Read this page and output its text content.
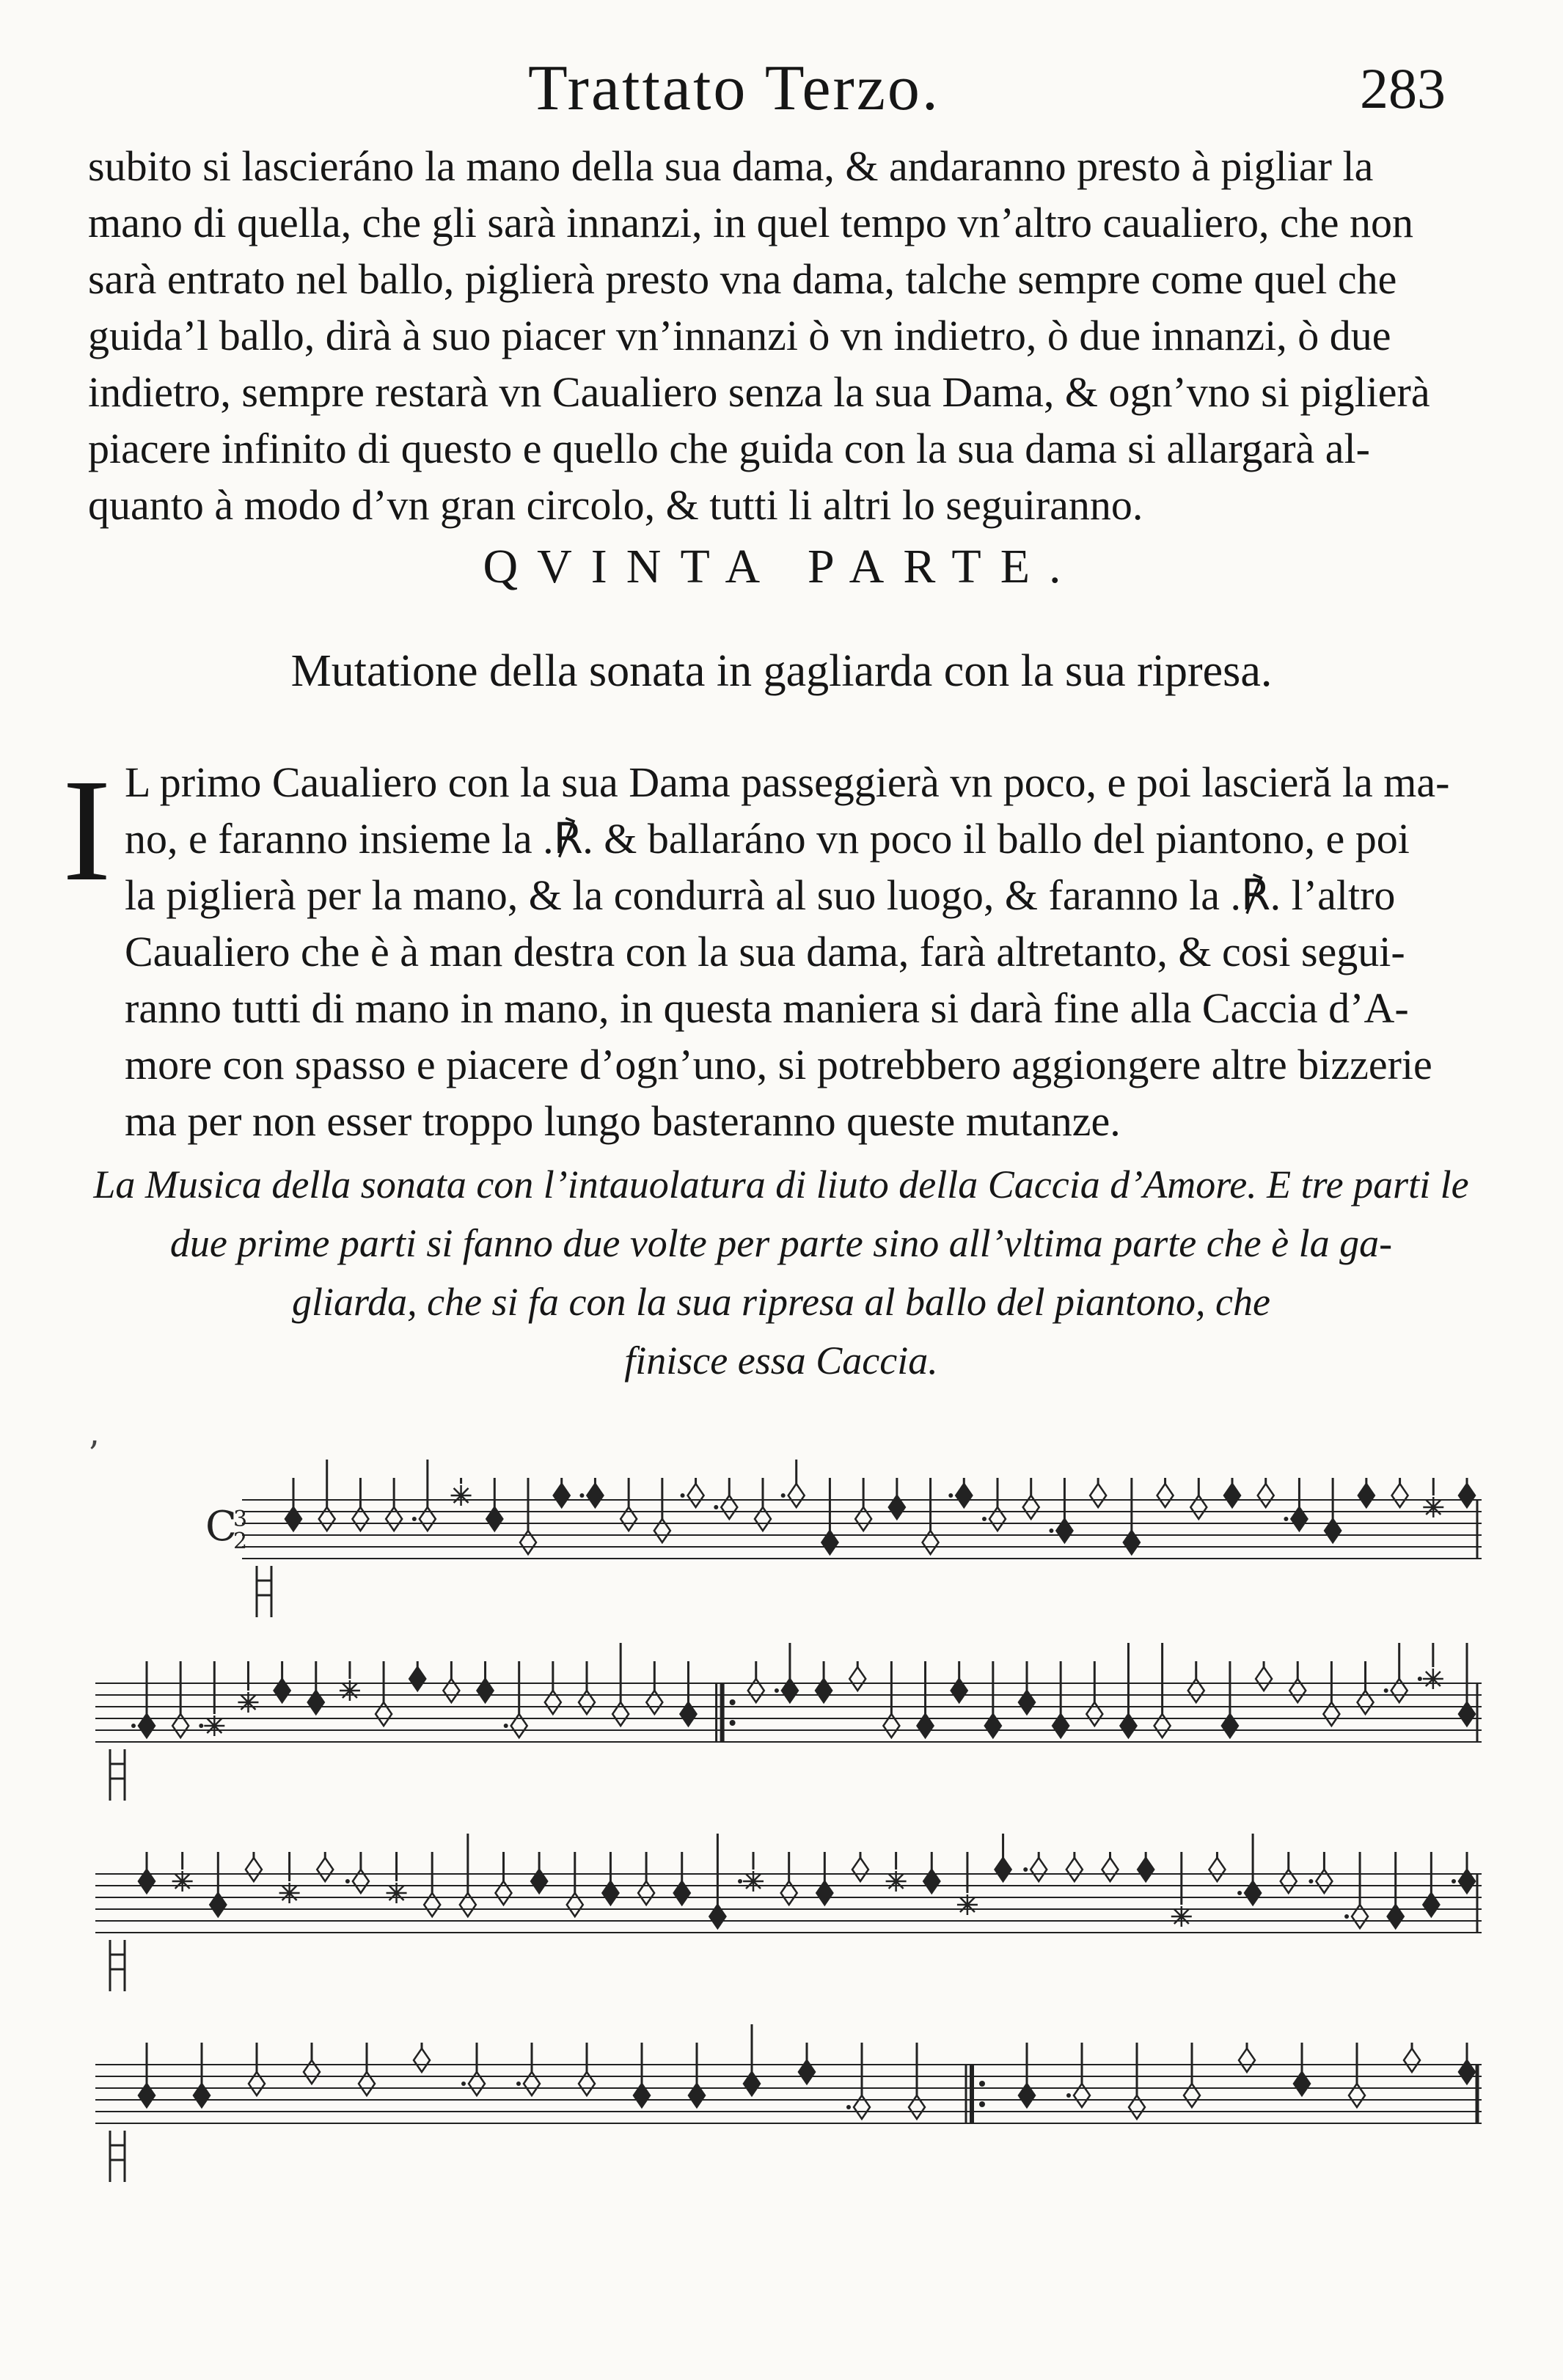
Trattato Terzo.	283
subito si lascieráno la mano della sua dama, & andaranno presto à pigliar la
mano di quella, che gli sarà innanzi, in quel tempo vn’altro caualiero, che non
sarà entrato nel ballo, piglierà presto vna dama, talche sempre come quel che
guida’l ballo, dirà à suo piacer vn’innanzi ò vn indietro, ò due innanzi, ò due
indietro, sempre restarà vn Caualiero senza la sua Dama, & ogn’vno si piglierà
piacere infinito di questo e quello che guida con la sua dama si allargarà al-
quanto à modo d’vn gran circolo, & tutti li altri lo seguiranno.
QVINTA PARTE.
Mutatione della sonata in gagliarda con la sua ripresa.
I L primo Caualiero con la sua Dama passeggierà vn poco, e poi lascieră la ma-
no, e faranno insieme la .℟. & ballaráno vn poco il ballo del piantono, e poi
la piglierà per la mano, & la condurrà al suo luogo, & faranno la .℟. l’altro
Caualiero che è à man destra con la sua dama, farà altretanto, & cosi segui-
ranno tutti di mano in mano, in questa maniera si darà fine alla Caccia d’A-
more con spasso e piacere d’ogn’uno, si potrebbero aggiongere altre bizzerie
ma per non esser troppo lungo basteranno queste mutanze.
La Musica della sonata con l’intauolatura di liuto della Caccia d’Amore. E tre parti le
due prime parti si fanno due volte per parte sino all’vltima parte che è la ga-
gliarda, che si fa con la sua ripresa al ballo del piantono, che
finisce essa Caccia.
’
C
3
2
